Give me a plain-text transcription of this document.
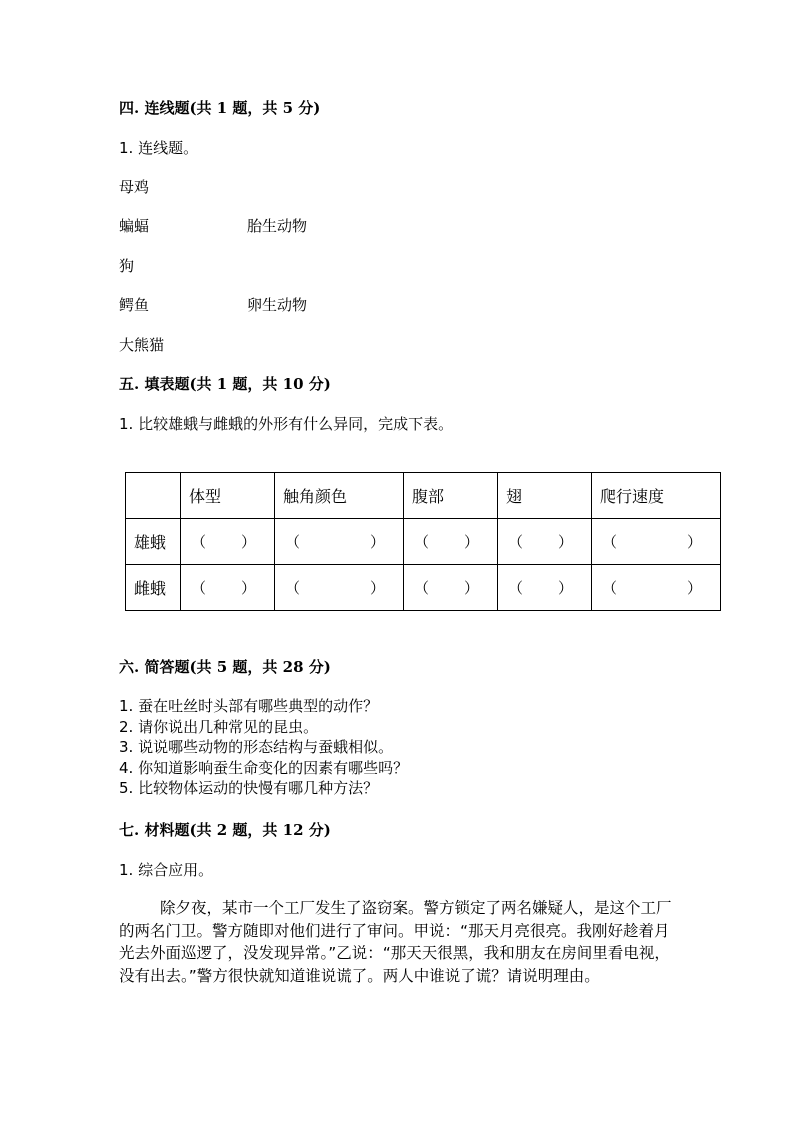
四. 连线题(共 1 题，共 5 分)
1. 连线题。
母鸡
蝙蝠	胎生动物
狗
鳄鱼	卵生动物
大熊猫
五. 填表题(共 1 题，共 10 分)
1. 比较雄蛾与雌蛾的外形有什么异同，完成下表。
	体型	触角颜色	腹部	翅	爬行速度
雄蛾	（ ）	（ ）	（ ）	（ ）	（ ）

雌蛾	（ ）	（ ）	（ ）	（ ）	（ ）
六. 简答题(共 5 题，共 28 分)
1. 蚕在吐丝时头部有哪些典型的动作？
2. 请你说出几种常见的昆虫。
3. 说说哪些动物的形态结构与蚕蛾相似。
4. 你知道影响蚕生命变化的因素有哪些吗？
5. 比较物体运动的快慢有哪几种方法？
七. 材料题(共 2 题，共 12 分)
1. 综合应用。
除夕夜，某市一个工厂发生了盗窃案。警方锁定了两名嫌疑人，是这个工厂的两名门卫。警方随即对他们进行了审问。甲说：“那天月亮很亮。我刚好趁着月光去外面巡逻了，没发现异常。”乙说：“那天天很黑，我和朋友在房间里看电视，没有出去。”警方很快就知道谁说谎了。两人中谁说了谎？请说明理由。
